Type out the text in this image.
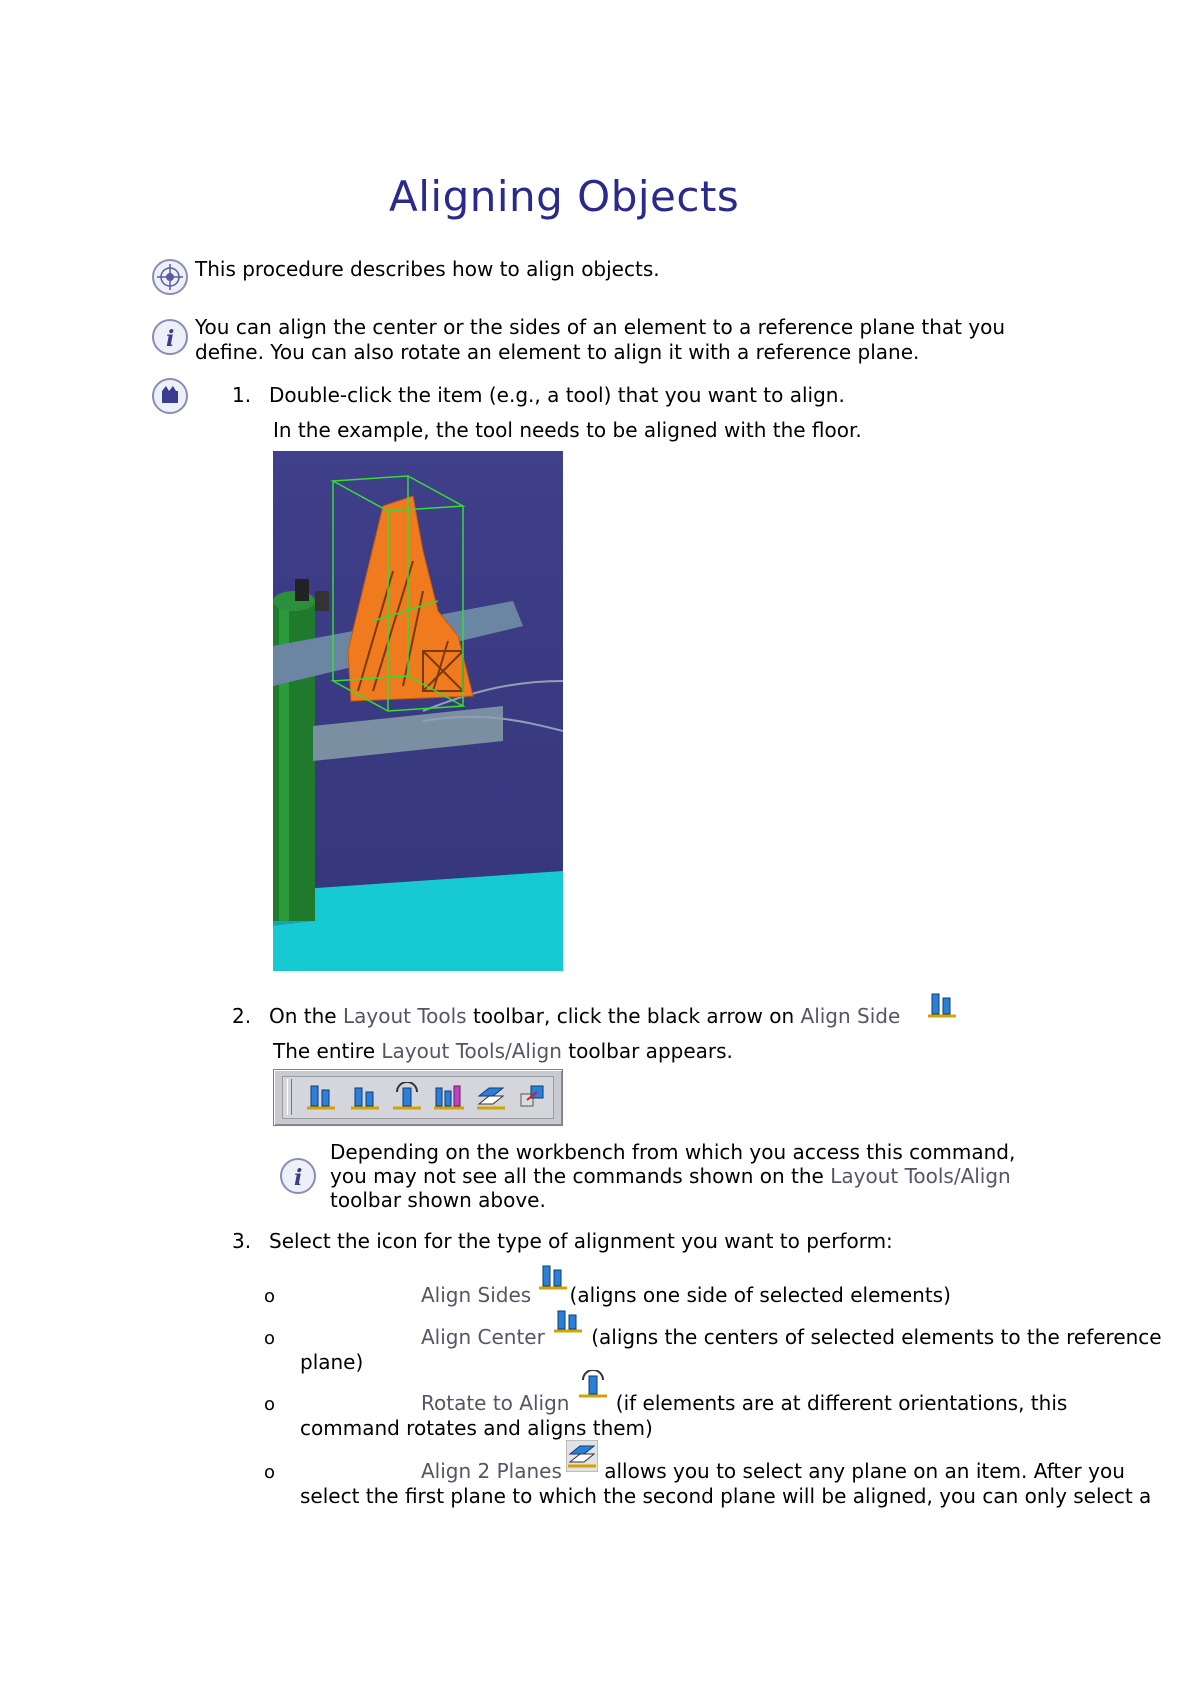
Aligning Objects
This procedure describes how to align objects.
i You can align the center or the sides of an element to a reference plane that you
define. You can also rotate an element to align it with a reference plane.
1. Double-click the item (e.g., a tool) that you want to align.
In the example, the tool needs to be aligned with the floor.
2. On the Layout Tools toolbar, click the black arrow on Align Side
The entire Layout Tools/Align toolbar appears.
i
Depending on the workbench from which you access this command,
you may not see all the commands shown on the Layout Tools/Align
toolbar shown above.
3. Select the icon for the type of alignment you want to perform:
o	Align Sides (aligns one side of selected elements)
o	Align Center (aligns the centers of selected elements to the reference
plane)
o	Rotate to Align (if elements are at different orientations, this
command rotates and aligns them)
o	Align 2 Planes allows you to select any plane on an item. After you
select the first plane to which the second plane will be aligned, you can only select a
